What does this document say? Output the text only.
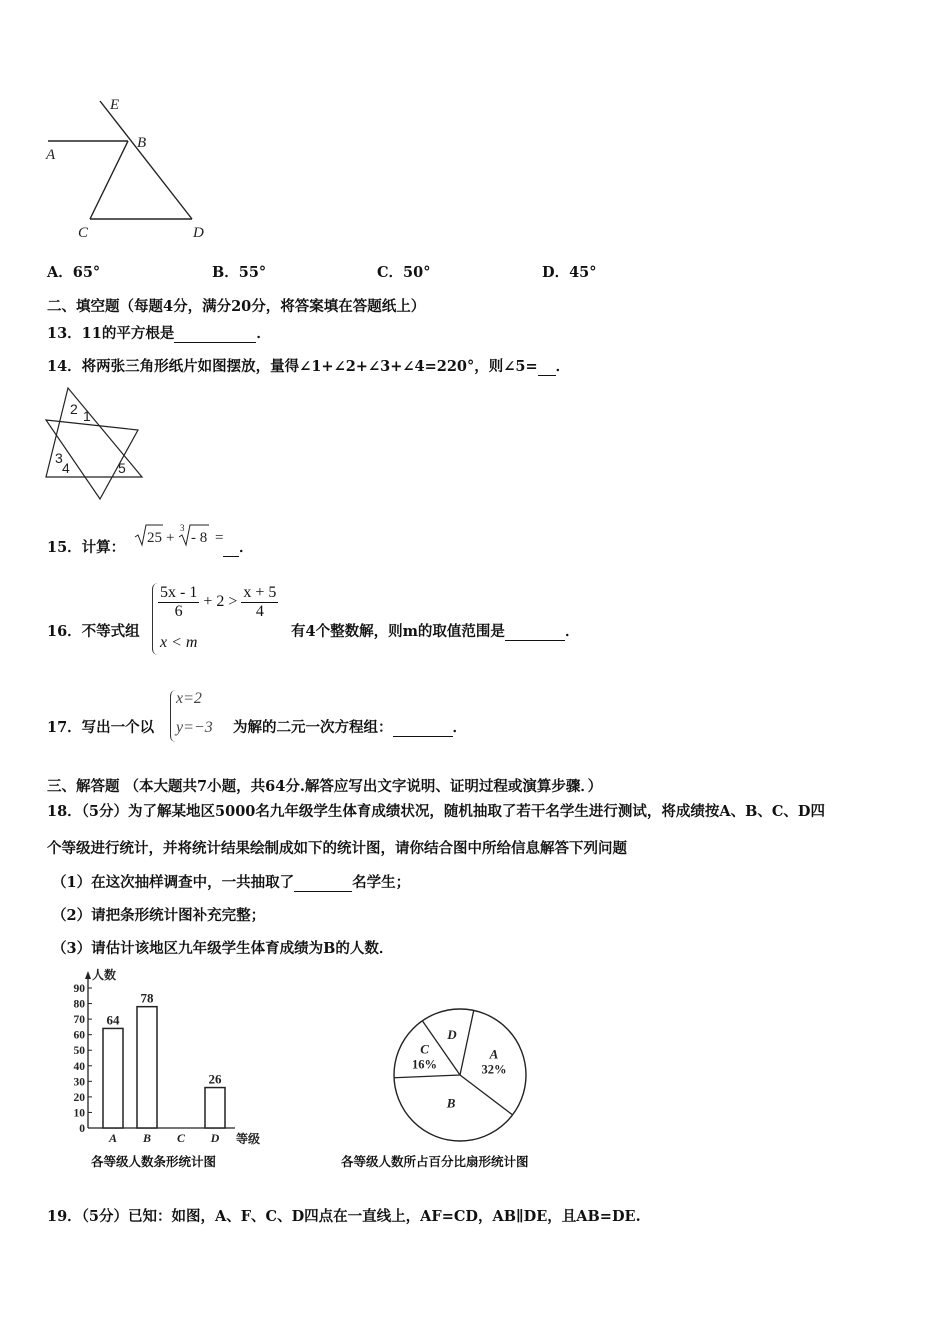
E
A
B
C	D
A．65°	B．55°	C．50°	D．45°
二、填空题（每题4分，满分20分，将答案填在答题纸上）
13．11的平方根是	．
14．将两张三角形纸片如图摆放，量得∠1+∠2+∠3+∠4=220°，则∠5= ．
2 1
3
4	5
15．计算：
25 +
3
- 8 =
．
16．不等式组
$\frac{5x - 1}{6} + 2 > \frac{x + 5}{4}$
x < m
有4个整数解，则m的取值范围是	．
17．写出一个以
x=2
y=−3 为解的二元一次方程组：	．
三、解答题 （本大题共7小题，共64分.解答应写出文字说明、证明过程或演算步骤．）
18．（5分）为了解某地区5000名九年级学生体育成绩状况，随机抽取了若干名学生进行测试，将成绩按A、B、C、D四
个等级进行统计，并将统计结果绘制成如下的统计图，请你结合图中所给信息解答下列问题
（1）在这次抽样调查中，一共抽取了	名学生；
（2）请把条形统计图补充完整；
（3）请估计该地区九年级学生体育成绩为B的人数．
人数
等级
0
10
20
30
40
50
60
70
80
90
64
A
78
B C
26
D
各等级人数条形统计图
A
32%
B
C
16%
D
各等级人数所占百分比扇形统计图
19．（5分）已知：如图，A、F、C、D四点在一直线上，AF=CD，AB∥DE，且AB=DE.
